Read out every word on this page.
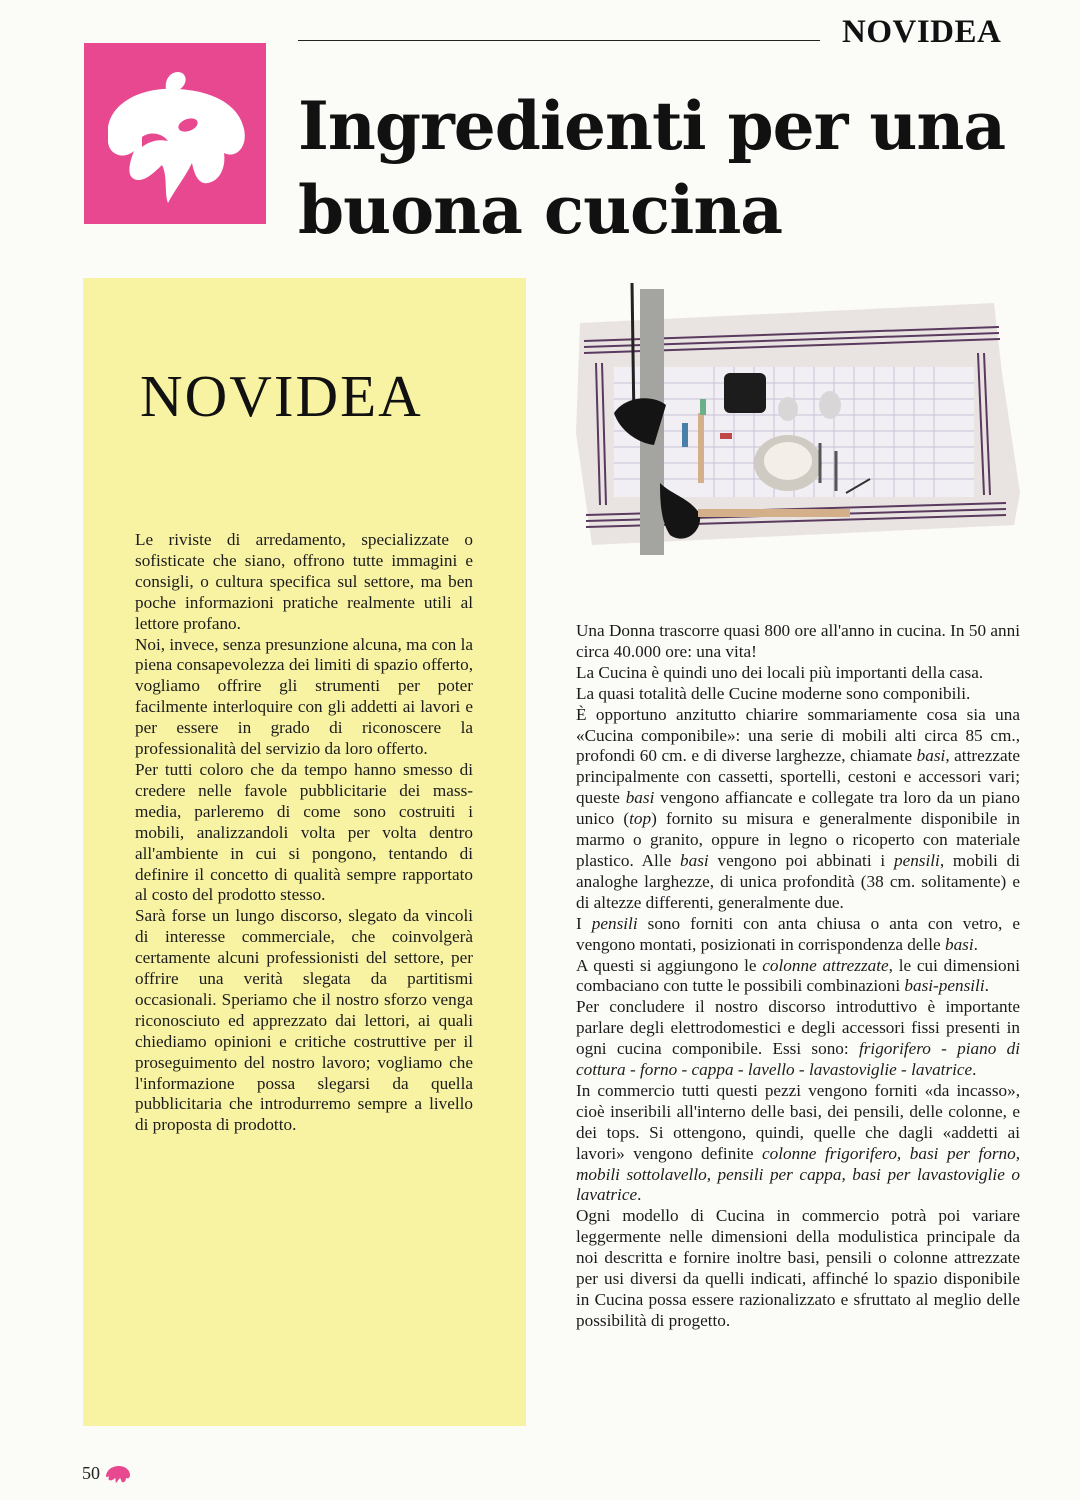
NOVIDEA
Ingredienti per una
buona cucina
NOVIDEA

Le riviste di arredamento, specializzate o sofisticate che siano, offrono tutte immagini e consigli, o cultura specifica sul settore, ma ben poche informazioni pratiche realmente utili al lettore profano.

Noi, invece, senza presunzione alcuna, ma con la piena consapevolezza dei limiti di spazio offerto, vogliamo offrire gli strumenti per poter facilmente interloquire con gli addetti ai lavori e per essere in grado di riconoscere la professionalità del servizio da loro offerto.

Per tutti coloro che da tempo hanno smesso di credere nelle favole pubblicitarie dei mass-media, parleremo di come sono costruiti i mobili, analizzandoli volta per volta dentro all'ambiente in cui si pongono, tentando di definire il concetto di qualità sempre rapportato al costo del prodotto stesso.

Sarà forse un lungo discorso, slegato da vincoli di interesse commerciale, che coinvolgerà certamente alcuni professionisti del settore, per offrire una verità slegata da partitismi occasionali. Speriamo che il nostro sforzo venga riconosciuto ed apprezzato dai lettori, ai quali chiediamo opinioni e critiche costruttive per il proseguimento del nostro lavoro; vogliamo che l'informazione possa slegarsi da quella pubblicitaria che introdurremo sempre a livello di proposta di prodotto.

Una Donna trascorre quasi 800 ore all'anno in cucina. In 50 anni circa 40.000 ore: una vita!

La Cucina è quindi uno dei locali più importanti della casa.

La quasi totalità delle Cucine moderne sono componibili.

È opportuno anzitutto chiarire sommariamente cosa sia una «Cucina componibile»: una serie di mobili alti circa 85 cm., profondi 60 cm. e di diverse larghezze, chiamate basi, attrezzate principalmente con cassetti, sportelli, cestoni e accessori vari; queste basi vengono affiancate e collegate tra loro da un piano unico (top) fornito su misura e generalmente disponibile in marmo o granito, oppure in legno o ricoperto con materiale plastico. Alle basi vengono poi abbinati i pensili, mobili di analoghe larghezze, di unica profondità (38 cm. solitamente) e di altezze differenti, generalmente due.

I pensili sono forniti con anta chiusa o anta con vetro, e vengono montati, posizionati in corrispondenza delle basi.

A questi si aggiungono le colonne attrezzate, le cui dimensioni combaciano con tutte le possibili combinazioni basi-pensili.

Per concludere il nostro discorso introduttivo è importante parlare degli elettrodomestici e degli accessori fissi presenti in ogni cucina componibile. Essi sono: frigorifero - piano di cottura - forno - cappa - lavello - lavastoviglie - lavatrice.

In commercio tutti questi pezzi vengono forniti «da incasso», cioè inseribili all'interno delle basi, dei pensili, delle colonne, e dei tops. Si ottengono, quindi, quelle che dagli «addetti ai lavori» vengono definite colonne frigorifero, basi per forno, mobili sottolavello, pensili per cappa, basi per lavastoviglie o lavatrice.

Ogni modello di Cucina in commercio potrà poi variare leggermente nelle dimensioni della modulistica principale da noi descritta e fornire inoltre basi, pensili o colonne attrezzate per usi diversi da quelli indicati, affinché lo spazio disponibile in Cucina possa essere razionalizzato e sfruttato al meglio delle possibilità di progetto.

50
